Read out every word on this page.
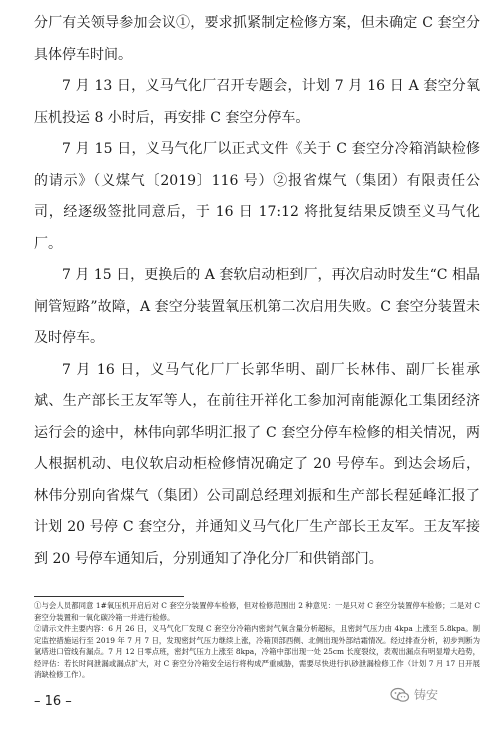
分厂有关领导参加会议①，要求抓紧制定检修方案，但未确定 C 套空分具体停车时间。

7 月 13 日，义马气化厂召开专题会，计划 7 月 16 日 A 套空分氧压机投运 8 小时后，再安排 C 套空分停车。

7 月 15 日，义马气化厂以正式文件《关于 C 套空分冷箱消缺检修的请示》（义煤气〔2019〕116 号）②报省煤气（集团）有限责任公司，经逐级签批同意后，于 16 日 17:12 将批复结果反馈至义马气化厂。

7 月 15 日，更换后的 A 套软启动柜到厂，再次启动时发生“C 相晶闸管短路”故障，A 套空分装置氧压机第二次启用失败。C 套空分装置未及时停车。

7 月 16 日，义马气化厂厂长郭华明、副厂长林伟、副厂长崔承斌、生产部长王友军等人，在前往开祥化工参加河南能源化工集团经济运行会的途中，林伟向郭华明汇报了 C 套空分停车检修的相关情况，两人根据机动、电仪软启动柜检修情况确定了 20 号停车。到达会场后，林伟分别向省煤气（集团）公司副总经理刘振和生产部长程延峰汇报了计划 20 号停 C 套空分，并通知义马气化厂生产部长王友军。王友军接到 20 号停车通知后，分别通知了净化分厂和供销部门。

①与会人员都同意 1#氧压机开启后对 C 套空分装置停车检修，但对检修范围出 2 种意见：一是只对 C 套空分装置停车检修；二是对 C 套空分装置和一氧化碳冷箱一并进行检修。

②请示文件主要内容：6 月 26 日，义马气化厂发现 C 套空分冷箱内密封气氧含量分析超标，且密封气压力由 4kpa 上涨至 5.8kpa。制定监控措施运行至 2019 年 7 月 7 日，发现密封气压力继续上涨，冷箱顶部西侧、北侧出现外部结霜情况。经过排查分析，初步判断为氩塔进口管线有漏点。7 月 12 日零点班，密封气压力上涨至 8kpa，冷箱中部出现一处 25cm 长度裂纹，表观出漏点有明显增大趋势，经评估：若长时间泄漏或漏点扩大，对 C 套空分冷箱安全运行将构成严重威胁，需要尽快进行扒砂泄漏检修工作（计划 7 月 17 日开展消缺检修工作）。

– 16 –	铸安
